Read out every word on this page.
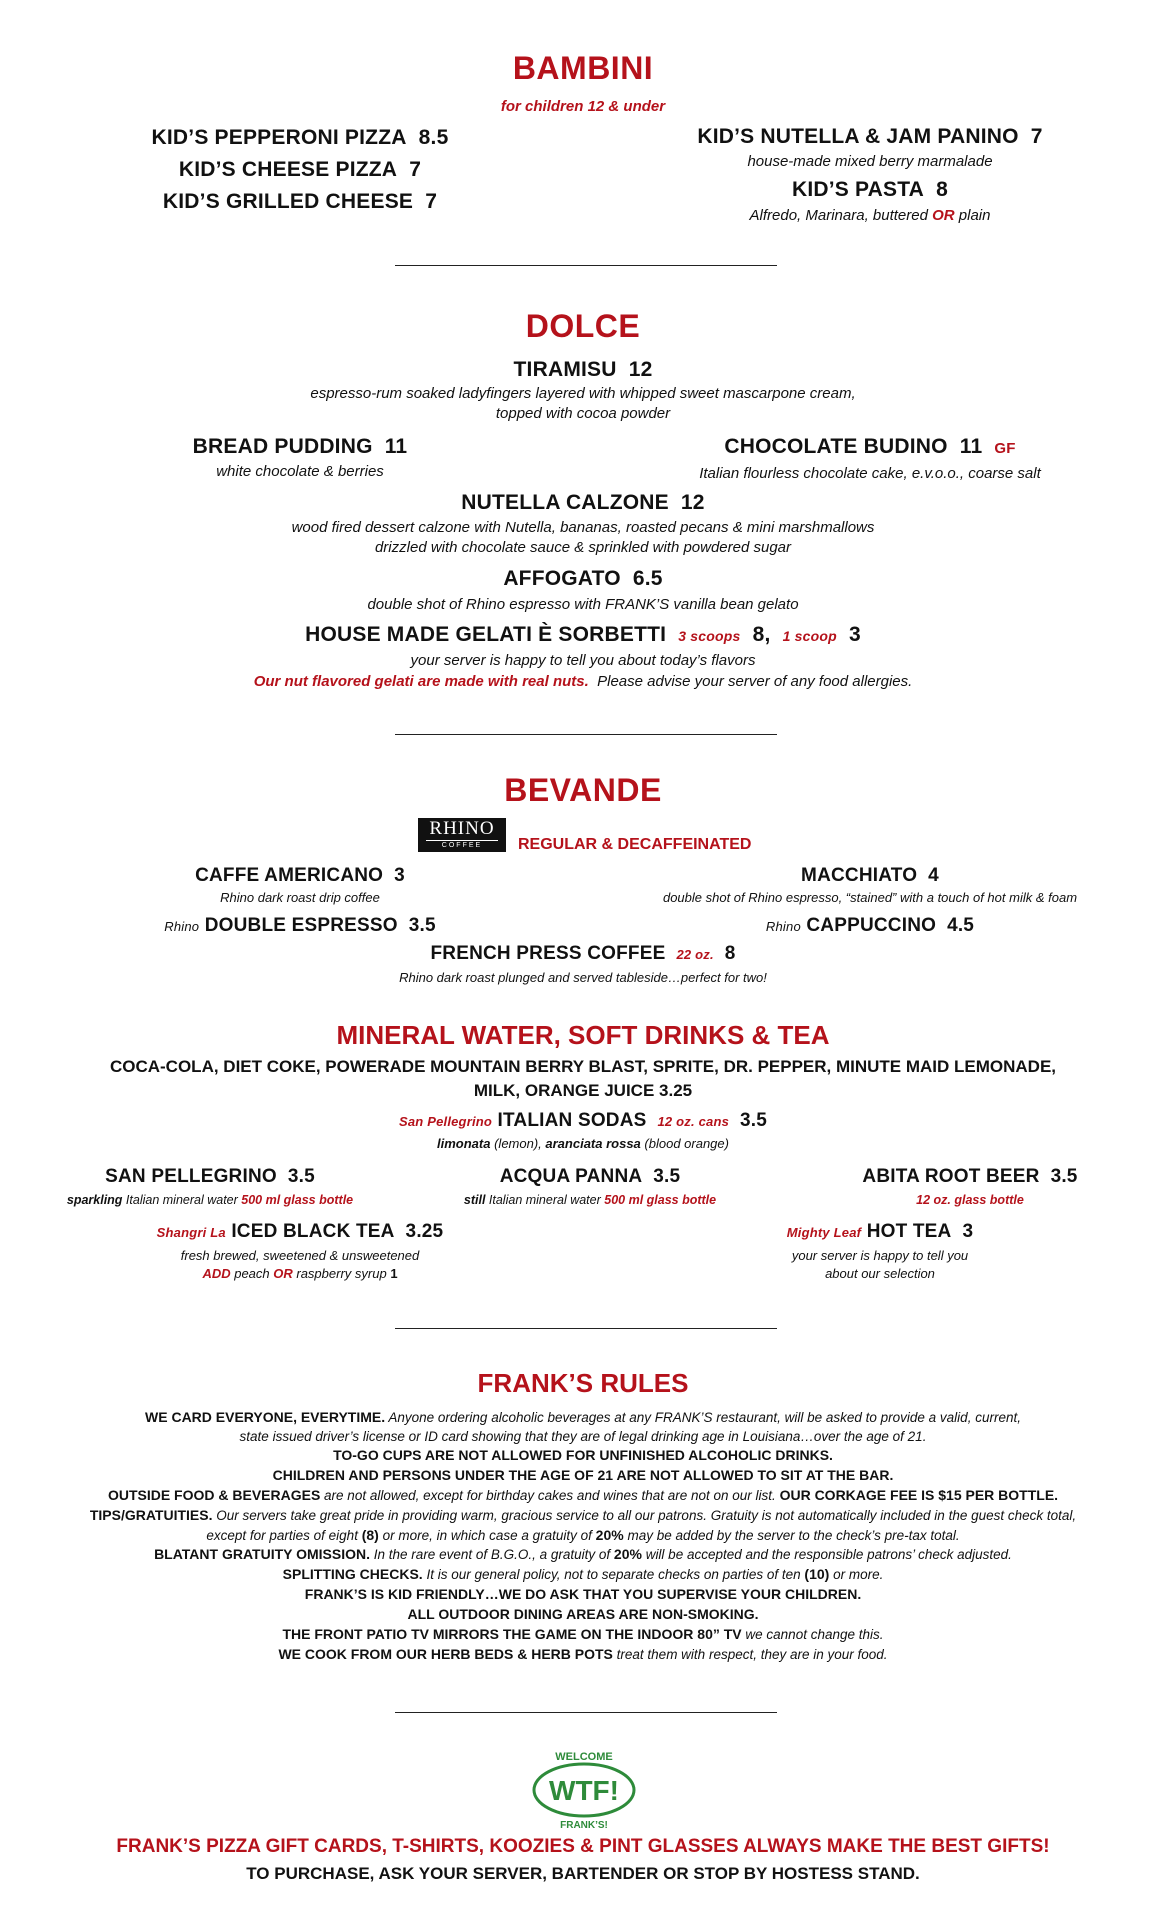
BAMBINI
for children 12 & under
KID’S PEPPERONI PIZZA 8.5
KID’S CHEESE PIZZA 7
KID’S GRILLED CHEESE 7
KID’S NUTELLA & JAM PANINO 7
house-made mixed berry marmalade
KID’S PASTA 8
Alfredo, Marinara, buttered OR plain
DOLCE
TIRAMISU 12
espresso-rum soaked ladyfingers layered with whipped sweet mascarpone cream,
topped with cocoa powder
BREAD PUDDING 11
white chocolate & berries
CHOCOLATE BUDINO 11 GF
Italian flourless chocolate cake, e.v.o.o., coarse salt
NUTELLA CALZONE 12
wood fired dessert calzone with Nutella, bananas, roasted pecans & mini marshmallows
drizzled with chocolate sauce & sprinkled with powdered sugar
AFFOGATO 6.5
double shot of Rhino espresso with FRANK’S vanilla bean gelato
HOUSE MADE GELATI È SORBETTI 3 scoops 8, 1 scoop 3
your server is happy to tell you about today’s flavors
Our nut flavored gelati are made with real nuts. Please advise your server of any food allergies.
BEVANDE
RHINO
COFFEE	REGULAR & DECAFFEINATED
CAFFE AMERICANO 3
Rhino dark roast drip coffee
MACCHIATO 4
double shot of Rhino espresso, “stained” with a touch of hot milk & foam
Rhino DOUBLE ESPRESSO 3.5	Rhino CAPPUCCINO 4.5
FRENCH PRESS COFFEE 22 oz. 8
Rhino dark roast plunged and served tableside…perfect for two!
MINERAL WATER, SOFT DRINKS & TEA
COCA-COLA, DIET COKE, POWERADE MOUNTAIN BERRY BLAST, SPRITE, DR. PEPPER, MINUTE MAID LEMONADE,
MILK, ORANGE JUICE 3.25
San Pellegrino ITALIAN SODAS 12 oz. cans 3.5
limonata (lemon), aranciata rossa (blood orange)
SAN PELLEGRINO 3.5
sparkling Italian mineral water 500 ml glass bottle
ACQUA PANNA 3.5
still Italian mineral water 500 ml glass bottle
ABITA ROOT BEER 3.5
12 oz. glass bottle
Shangri La ICED BLACK TEA 3.25
fresh brewed, sweetened & unsweetened
ADD peach OR raspberry syrup 1
Mighty Leaf HOT TEA 3
your server is happy to tell you
about our selection
FRANK’S RULES
WE CARD EVERYONE, EVERYTIME. Anyone ordering alcoholic beverages at any FRANK’S restaurant, will be asked to provide a valid, current,
state issued driver’s license or ID card showing that they are of legal drinking age in Louisiana…over the age of 21.
TO-GO CUPS ARE NOT ALLOWED FOR UNFINISHED ALCOHOLIC DRINKS.
CHILDREN AND PERSONS UNDER THE AGE OF 21 ARE NOT ALLOWED TO SIT AT THE BAR.
OUTSIDE FOOD & BEVERAGES are not allowed, except for birthday cakes and wines that are not on our list. OUR CORKAGE FEE IS $15 PER BOTTLE.
TIPS/GRATUITIES. Our servers take great pride in providing warm, gracious service to all our patrons. Gratuity is not automatically included in the guest check total,
except for parties of eight (8) or more, in which case a gratuity of 20% may be added by the server to the check’s pre-tax total.
BLATANT GRATUITY OMISSION. In the rare event of B.G.O., a gratuity of 20% will be accepted and the responsible patrons’ check adjusted.
SPLITTING CHECKS. It is our general policy, not to separate checks on parties of ten (10) or more.
FRANK’S IS KID FRIENDLY…WE DO ASK THAT YOU SUPERVISE YOUR CHILDREN.
ALL OUTDOOR DINING AREAS ARE NON-SMOKING.
THE FRONT PATIO TV MIRRORS THE GAME ON THE INDOOR 80” TV we cannot change this.
WE COOK FROM OUR HERB BEDS & HERB POTS treat them with respect, they are in your food.
WELCOME
WTF!
FRANK’S!
FRANK’S PIZZA GIFT CARDS, T-SHIRTS, KOOZIES & PINT GLASSES ALWAYS MAKE THE BEST GIFTS!
TO PURCHASE, ASK YOUR SERVER, BARTENDER OR STOP BY HOSTESS STAND.
